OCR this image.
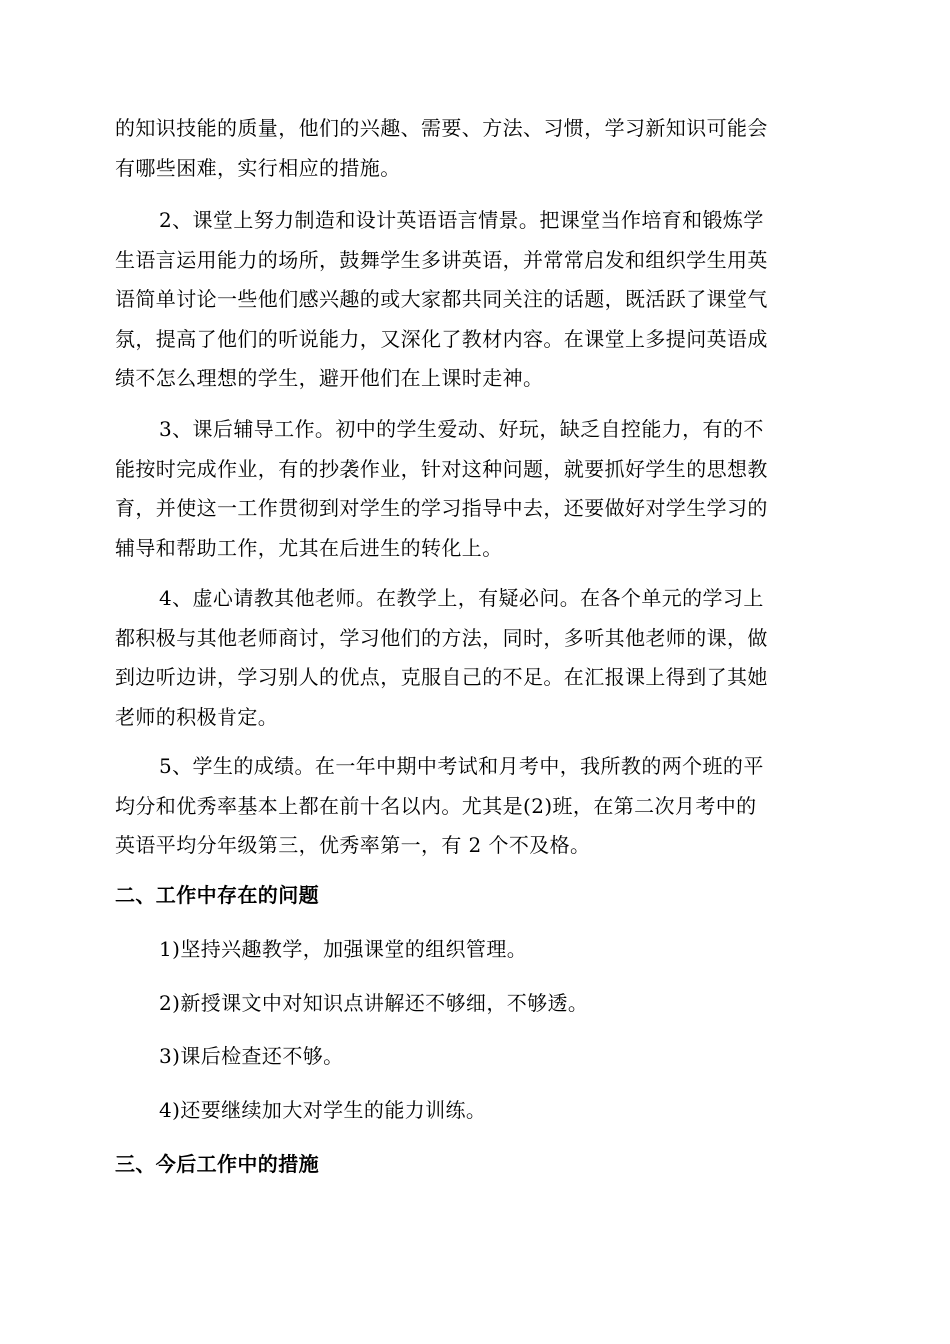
的知识技能的质量，他们的兴趣、需要、方法、习惯，学习新知识可能会
有哪些困难，实行相应的措施。
2、课堂上努力制造和设计英语语言情景。把课堂当作培育和锻炼学
生语言运用能力的场所，鼓舞学生多讲英语，并常常启发和组织学生用英
语简单讨论一些他们感兴趣的或大家都共同关注的话题，既活跃了课堂气
氛，提高了他们的听说能力，又深化了教材内容。在课堂上多提问英语成
绩不怎么理想的学生，避开他们在上课时走神。
3、课后辅导工作。初中的学生爱动、好玩，缺乏自控能力，有的不
能按时完成作业，有的抄袭作业，针对这种问题，就要抓好学生的思想教
育，并使这一工作贯彻到对学生的学习指导中去，还要做好对学生学习的
辅导和帮助工作，尤其在后进生的转化上。
4、虚心请教其他老师。在教学上，有疑必问。在各个单元的学习上
都积极与其他老师商讨，学习他们的方法，同时，多听其他老师的课，做
到边听边讲，学习别人的优点，克服自己的不足。在汇报课上得到了其她
老师的积极肯定。
5、学生的成绩。在一年中期中考试和月考中，我所教的两个班的平
均分和优秀率基本上都在前十名以内。尤其是(2)班，在第二次月考中的
英语平均分年级第三，优秀率第一，有 2 个不及格。
二、工作中存在的问题
1)坚持兴趣教学，加强课堂的组织管理。
2)新授课文中对知识点讲解还不够细，不够透。
3)课后检查还不够。
4)还要继续加大对学生的能力训练。
三、今后工作中的措施
